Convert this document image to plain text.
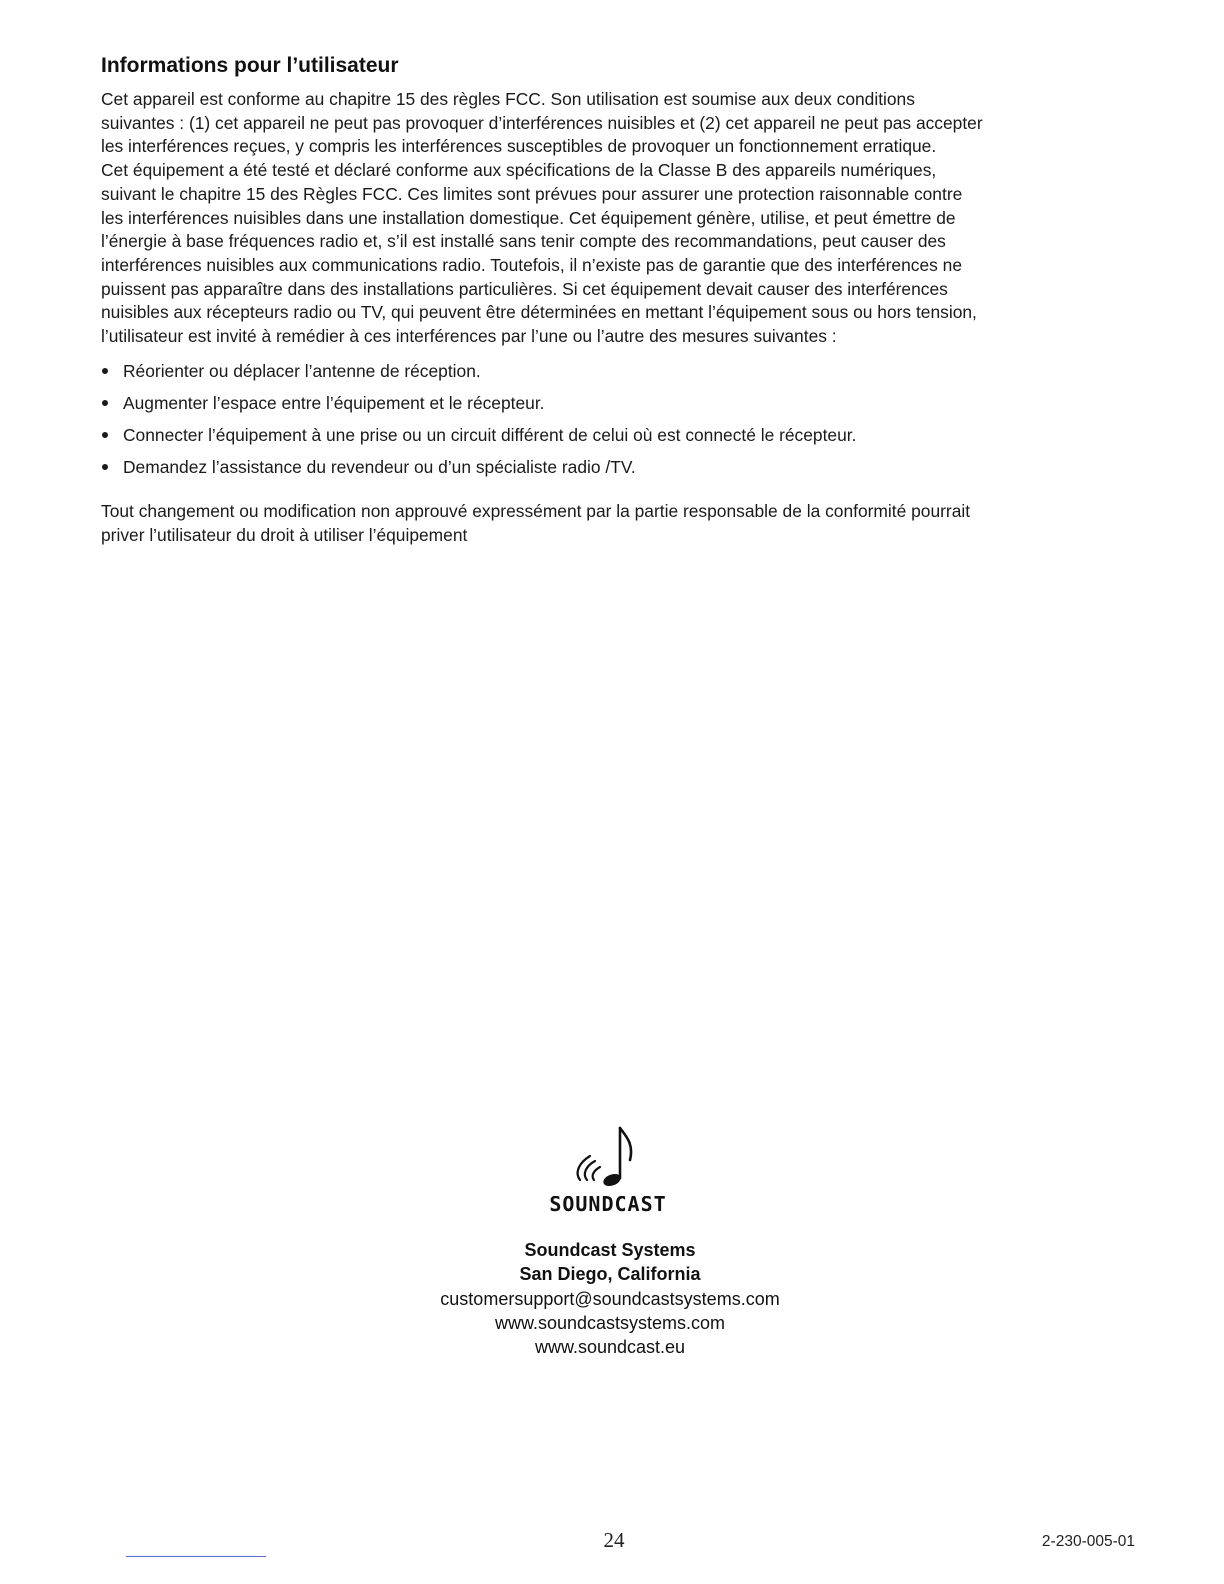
Informations pour l’utilisateur

Cet appareil est conforme au chapitre 15 des règles FCC. Son utilisation est soumise aux deux conditions

suivantes : (1) cet appareil ne peut pas provoquer d’interférences nuisibles et (2) cet appareil ne peut pas accepter

les interférences reçues, y compris les interférences susceptibles de provoquer un fonctionnement erratique.

Cet équipement a été testé et déclaré conforme aux spécifications de la Classe B des appareils numériques,

suivant le chapitre 15 des Règles FCC. Ces limites sont prévues pour assurer une protection raisonnable contre

les interférences nuisibles dans une installation domestique. Cet équipement génère, utilise, et peut émettre de

l’énergie à base fréquences radio et, s’il est installé sans tenir compte des recommandations, peut causer des

interférences nuisibles aux communications radio. Toutefois, il n’existe pas de garantie que des interférences ne

puissent pas apparaître dans des installations particulières. Si cet équipement devait causer des interférences

nuisibles aux récepteurs radio ou TV, qui peuvent être déterminées en mettant l’équipement sous ou hors tension,

l’utilisateur est invité à remédier à ces interférences par l’une ou l’autre des mesures suivantes :

Réorienter ou déplacer l’antenne de réception.
Augmenter l’espace entre l’équipement et le récepteur.
Connecter l’équipement à une prise ou un circuit différent de celui où est connecté le récepteur.
Demandez l’assistance du revendeur ou d’un spécialiste radio /TV.
Tout changement ou modification non approuvé expressément par la partie responsable de la conformité pourrait
priver l’utilisateur du droit à utiliser l’équipement
SOUNDCAST
Soundcast Systems
San Diego, California
customersupport@soundcastsystems.com
www.soundcastsystems.com
www.soundcast.eu
24	2-230-005-01
